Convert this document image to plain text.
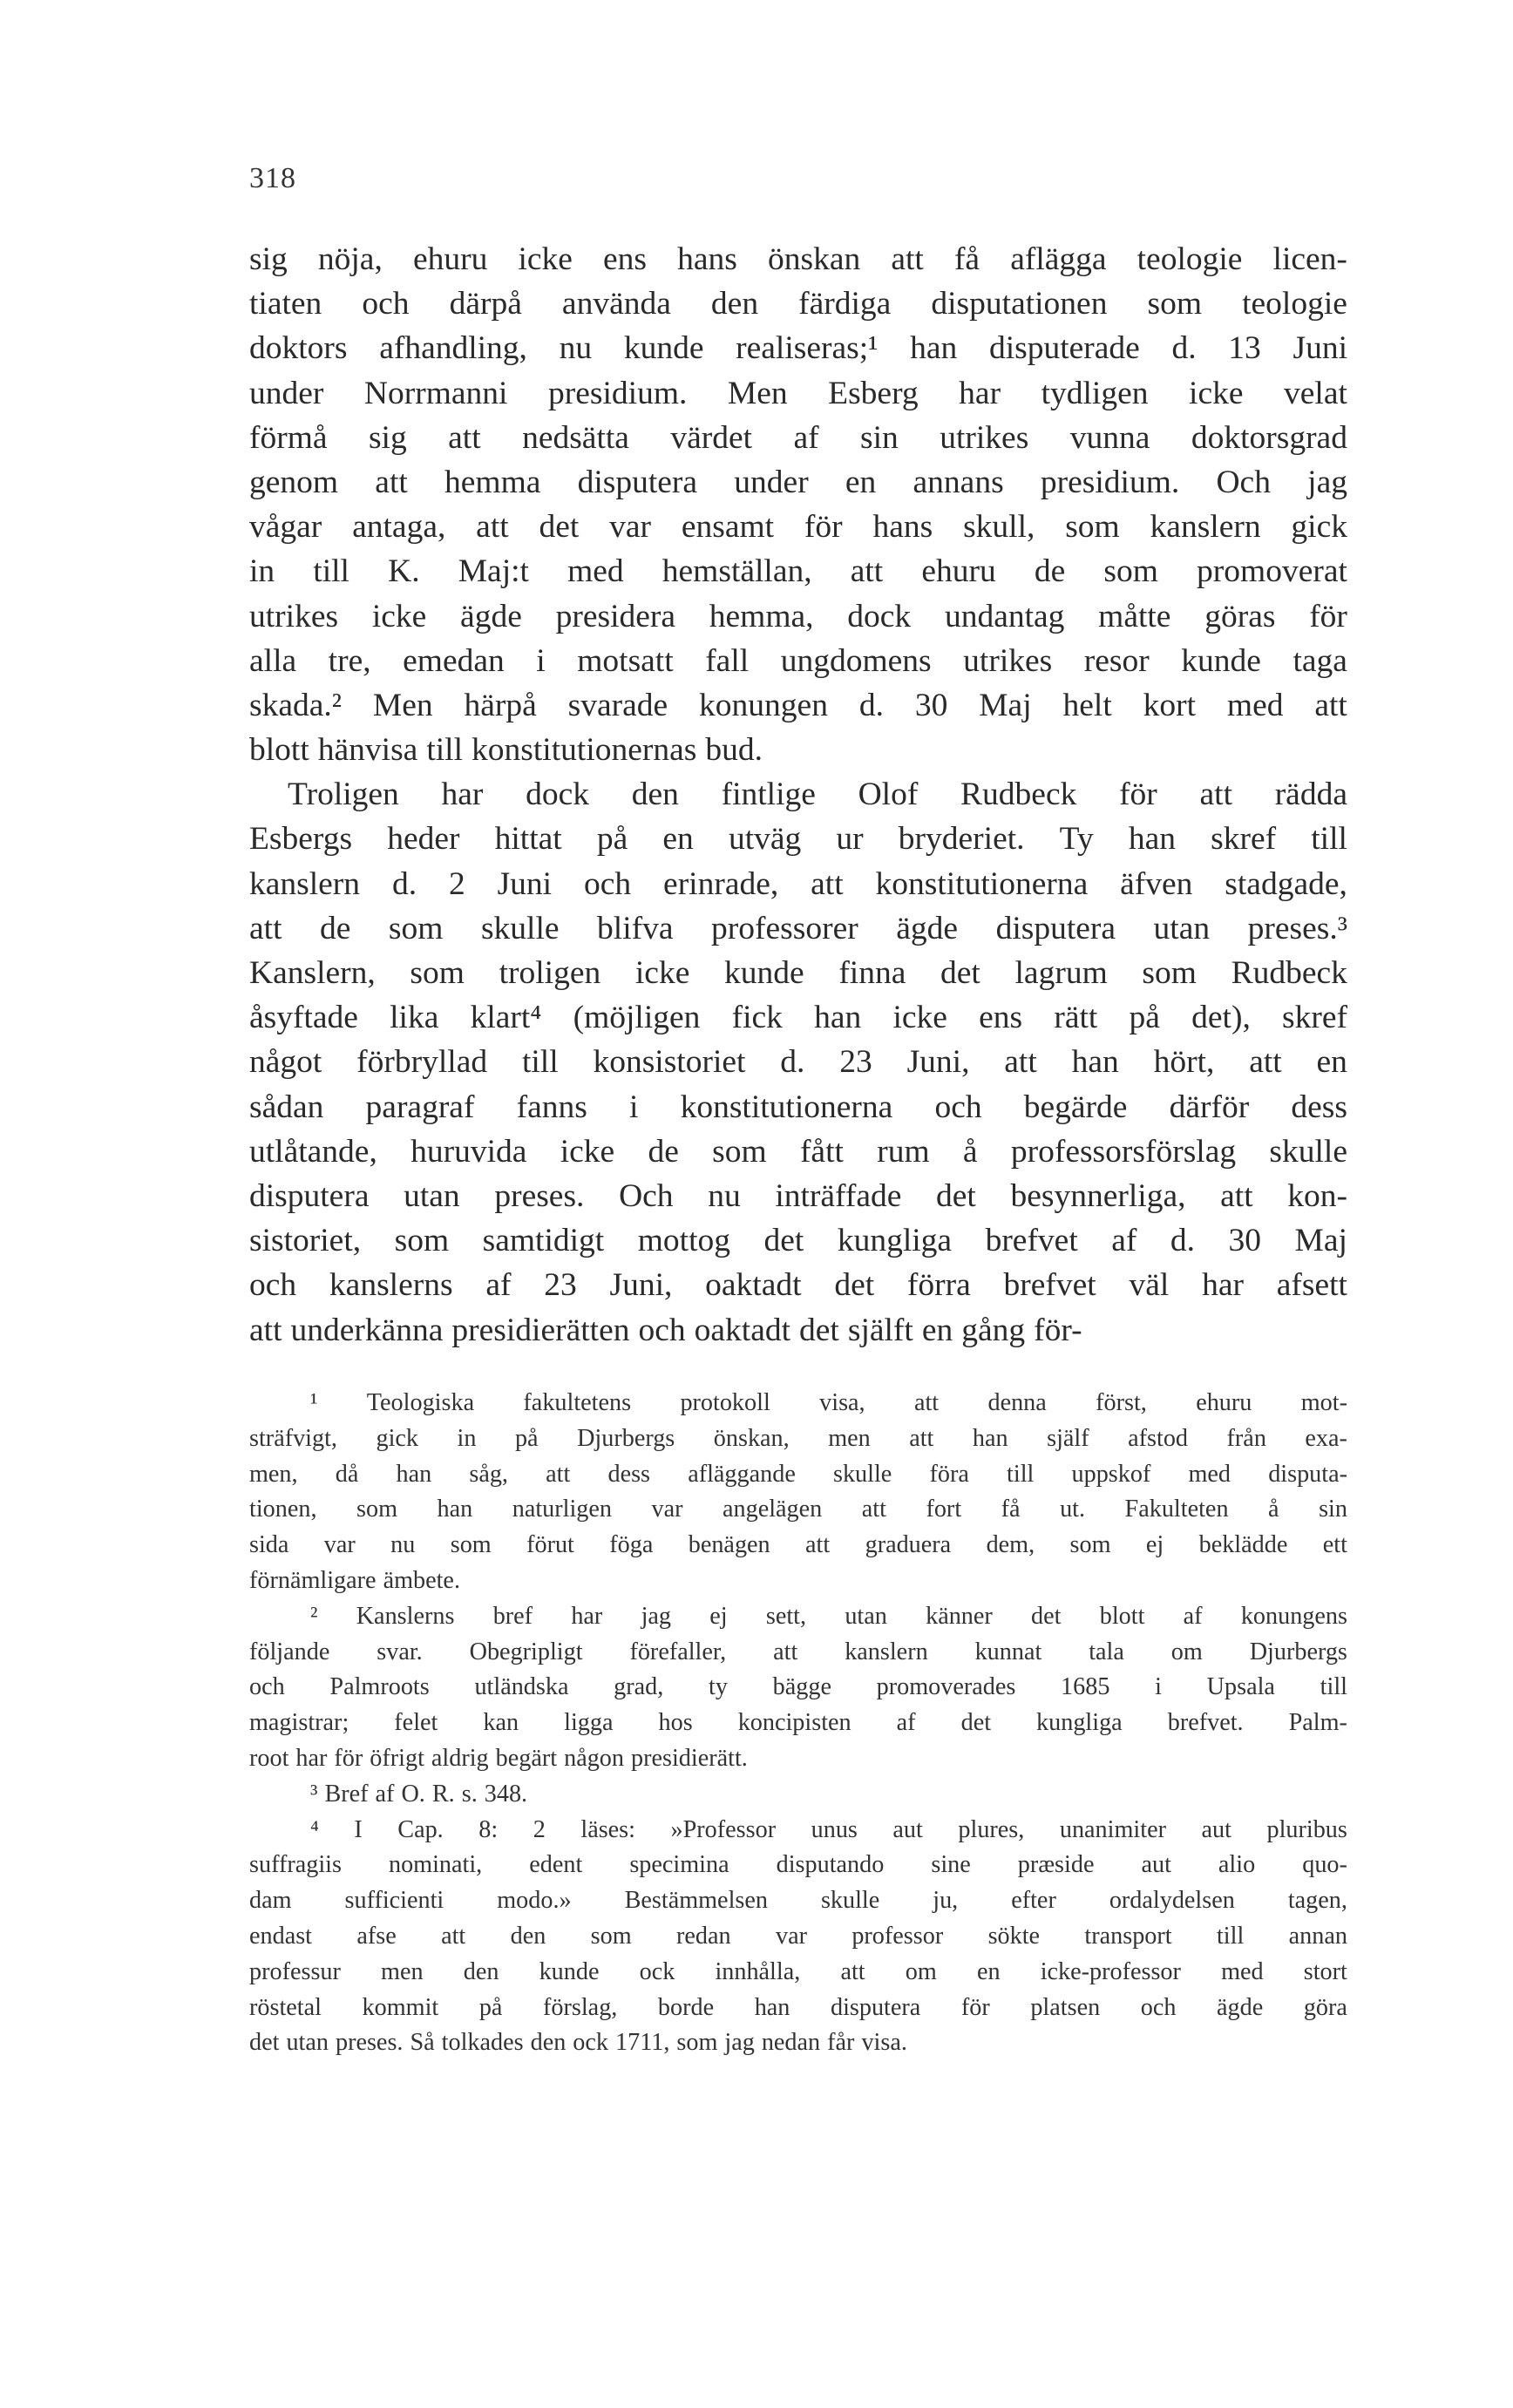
318
sig nöja, ehuru icke ens hans önskan att få aflägga teologie licen-
tiaten och därpå använda den färdiga disputationen som teologie
doktors afhandling, nu kunde realiseras;¹ han disputerade d. 13 Juni
under Norrmanni presidium. Men Esberg har tydligen icke velat
förmå sig att nedsätta värdet af sin utrikes vunna doktorsgrad
genom att hemma disputera under en annans presidium. Och jag
vågar antaga, att det var ensamt för hans skull, som kanslern gick
in till K. Maj:t med hemställan, att ehuru de som promoverat
utrikes icke ägde presidera hemma, dock undantag måtte göras för
alla tre, emedan i motsatt fall ungdomens utrikes resor kunde taga
skada.² Men härpå svarade konungen d. 30 Maj helt kort med att
blott hänvisa till konstitutionernas bud.
Troligen har dock den fintlige Olof Rudbeck för att rädda
Esbergs heder hittat på en utväg ur bryderiet. Ty han skref till
kanslern d. 2 Juni och erinrade, att konstitutionerna äfven stadgade,
att de som skulle blifva professorer ägde disputera utan preses.³
Kanslern, som troligen icke kunde finna det lagrum som Rudbeck
åsyftade lika klart⁴ (möjligen fick han icke ens rätt på det), skref
något förbryllad till konsistoriet d. 23 Juni, att han hört, att en
sådan paragraf fanns i konstitutionerna och begärde därför dess
utlåtande, huruvida icke de som fått rum å professorsförslag skulle
disputera utan preses. Och nu inträffade det besynnerliga, att kon-
sistoriet, som samtidigt mottog det kungliga brefvet af d. 30 Maj
och kanslerns af 23 Juni, oaktadt det förra brefvet väl har afsett
att underkänna presidierätten och oaktadt det själft en gång för-
¹ Teologiska fakultetens protokoll visa, att denna först, ehuru mot-
sträfvigt, gick in på Djurbergs önskan, men att han själf afstod från exa-
men, då han såg, att dess afläggande skulle föra till uppskof med disputa-
tionen, som han naturligen var angelägen att fort få ut. Fakulteten å sin
sida var nu som förut föga benägen att graduera dem, som ej beklädde ett
förnämligare ämbete.
² Kanslerns bref har jag ej sett, utan känner det blott af konungens
följande svar. Obegripligt förefaller, att kanslern kunnat tala om Djurbergs
och Palmroots utländska grad, ty bägge promoverades 1685 i Upsala till
magistrar; felet kan ligga hos koncipisten af det kungliga brefvet. Palm-
root har för öfrigt aldrig begärt någon presidierätt.
³ Bref af O. R. s. 348.
⁴ I Cap. 8: 2 läses: »Professor unus aut plures, unanimiter aut pluribus
suffragiis nominati, edent specimina disputando sine præside aut alio quo-
dam sufficienti modo.» Bestämmelsen skulle ju, efter ordalydelsen tagen,
endast afse att den som redan var professor sökte transport till annan
professur men den kunde ock innhålla, att om en icke-professor med stort
röstetal kommit på förslag, borde han disputera för platsen och ägde göra
det utan preses. Så tolkades den ock 1711, som jag nedan får visa.
